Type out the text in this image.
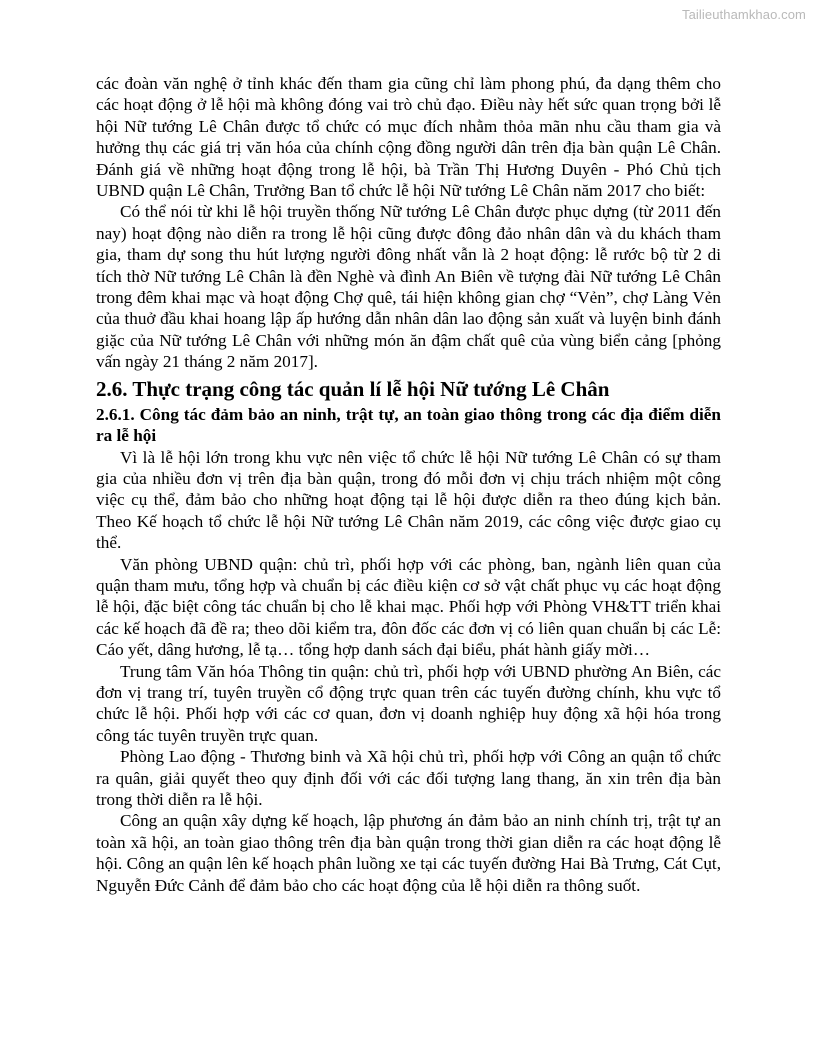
Tailieuthamkhao.com

các đoàn văn nghệ ở tỉnh khác đến tham gia cũng chỉ làm phong phú, đa dạng thêm cho các hoạt động ở lễ hội mà không đóng vai trò chủ đạo. Điều này hết sức quan trọng bởi lễ hội Nữ tướng Lê Chân được tổ chức có mục đích nhằm thỏa mãn nhu cầu tham gia và hưởng thụ các giá trị văn hóa của chính cộng đồng người dân trên địa bàn quận Lê Chân. Đánh giá về những hoạt động trong lễ hội, bà Trần Thị Hương Duyên - Phó Chủ tịch UBND quận Lê Chân, Trưởng Ban tổ chức lễ hội Nữ tướng Lê Chân năm 2017 cho biết:

Có thể nói từ khi lễ hội truyền thống Nữ tướng Lê Chân được phục dựng (từ 2011 đến nay) hoạt động nào diễn ra trong lễ hội cũng được đông đảo nhân dân và du khách tham gia, tham dự song thu hút lượng người đông nhất vẫn là 2 hoạt động: lễ rước bộ từ 2 di tích thờ Nữ tướng Lê Chân là đền Nghè và đình An Biên về tượng đài Nữ tướng Lê Chân trong đêm khai mạc và hoạt động Chợ quê, tái hiện không gian chợ “Vẻn”, chợ Làng Vẻn của thuở đầu khai hoang lập ấp hướng dẫn nhân dân lao động sản xuất và luyện binh đánh giặc của Nữ tướng Lê Chân với những món ăn đậm chất quê của vùng biển cảng [phỏng vấn ngày 21 tháng 2 năm 2017].

2.6. Thực trạng công tác quản lí lễ hội Nữ tướng Lê Chân
2.6.1. Công tác đảm bảo an ninh, trật tự, an toàn giao thông trong các địa điểm diễn ra lễ hội

Vì là lễ hội lớn trong khu vực nên việc tổ chức lễ hội Nữ tướng Lê Chân có sự tham gia của nhiều đơn vị trên địa bàn quận, trong đó mỗi đơn vị chịu trách nhiệm một công việc cụ thể, đảm bảo cho những hoạt động tại lễ hội được diễn ra theo đúng kịch bản. Theo Kế hoạch tổ chức lễ hội Nữ tướng Lê Chân năm 2019, các công việc được giao cụ thể.

Văn phòng UBND quận: chủ trì, phối hợp với các phòng, ban, ngành liên quan của quận tham mưu, tổng hợp và chuẩn bị các điều kiện cơ sở vật chất phục vụ các hoạt động lễ hội, đặc biệt công tác chuẩn bị cho lễ khai mạc. Phối hợp với Phòng VH&TT triển khai các kế hoạch đã đề ra; theo dõi kiểm tra, đôn đốc các đơn vị có liên quan chuẩn bị các Lễ: Cáo yết, dâng hương, lễ tạ… tổng hợp danh sách đại biểu, phát hành giấy mời…

Trung tâm Văn hóa Thông tin quận: chủ trì, phối hợp với UBND phường An Biên, các đơn vị trang trí, tuyên truyền cổ động trực quan trên các tuyến đường chính, khu vực tổ chức lễ hội. Phối hợp với các cơ quan, đơn vị doanh nghiệp huy động xã hội hóa trong công tác tuyên truyền trực quan.

Phòng Lao động - Thương binh và Xã hội chủ trì, phối hợp với Công an quận tổ chức ra quân, giải quyết theo quy định đối với các đối tượng lang thang, ăn xin trên địa bàn trong thời diễn ra lễ hội.

Công an quận xây dựng kế hoạch, lập phương án đảm bảo an ninh chính trị, trật tự an toàn xã hội, an toàn giao thông trên địa bàn quận trong thời gian diễn ra các hoạt động lễ hội. Công an quận lên kế hoạch phân luồng xe tại các tuyến đường Hai Bà Trưng, Cát Cụt, Nguyễn Đức Cảnh để đảm bảo cho các hoạt động của lễ hội diễn ra thông suốt.
